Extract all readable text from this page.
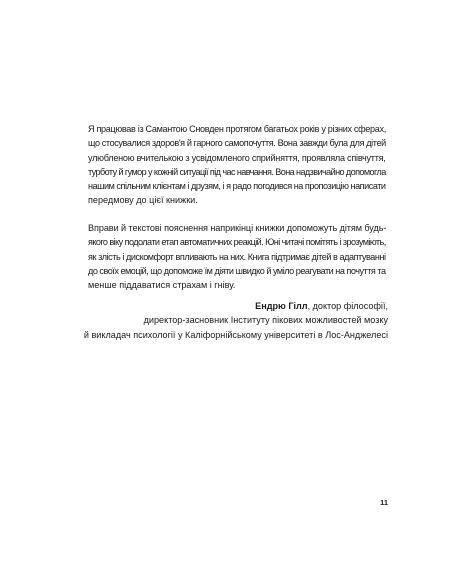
Я працював із Самантою Сновден протягом багатьох років у різних сферах,
що стосувалися здоров'я й гарного самопочуття. Вона завжди була для дітей
улюбленою вчителькою з усвідомленого сприйняття, проявляла співчуття,
турботу й гумор у кожній ситуації під час навчання. Вона надзвичайно допомогла
нашим спільним клієнтам і друзям, і я радо погодився на пропозицію написати
передмову до цієї книжки.

Вправи й текстові пояснення наприкінці книжки допоможуть дітям будь-
якого віку подолати етап автоматичних реакцій. Юні читачі помітять і зрозуміють,
як злість і дискомфорт впливають на них. Книга підтримає дітей в адаптуванні
до своїх емоцій, що допоможе їм діяти швидко й уміло реагувати на почуття та
менше піддаватися страхам і гніву.

Ендрю Гілл, доктор філософії,
директор-засновник Інституту пікових можливостей мозку
й викладач психології у Каліфорнійському університеті в Лос-Анджелесі
11
